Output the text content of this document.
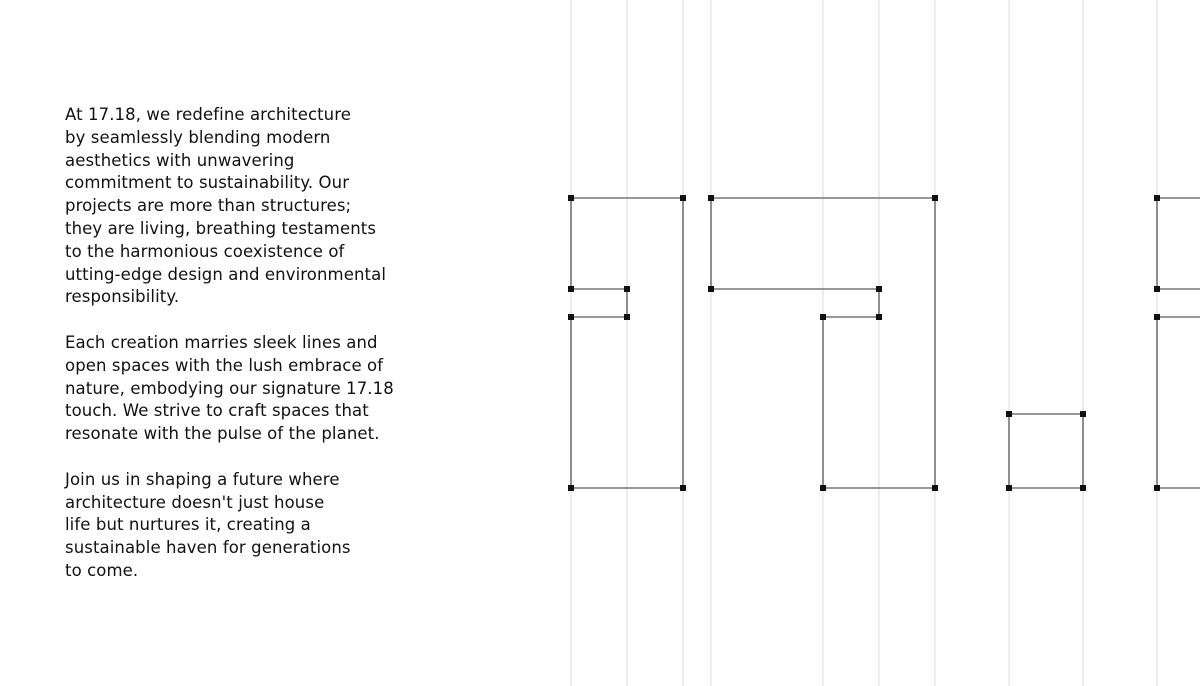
At 17.18, we redefine architecture
by seamlessly blending modern
aesthetics with unwavering
commitment to sustainability. Our
projects are more than structures;
they are living, breathing testaments
to the harmonious coexistence of
utting-edge design and environmental
responsibility.

Each creation marries sleek lines and
open spaces with the lush embrace of
nature, embodying our signature 17.18
touch. We strive to craft spaces that
resonate with the pulse of the planet.

Join us in shaping a future where
architecture doesn't just house
life but nurtures it, creating a
sustainable haven for generations
to come.
